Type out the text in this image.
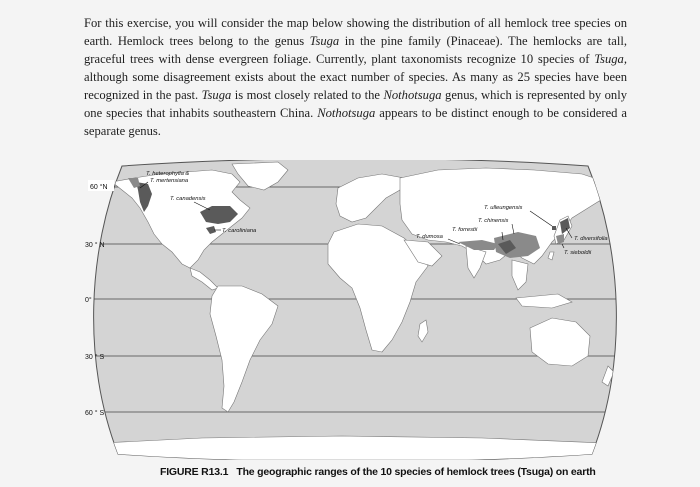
For this exercise, you will consider the map below showing the distribution of all hemlock tree species on earth. Hemlock trees belong to the genus Tsuga in the pine family (Pinaceae). The hemlocks are tall, graceful trees with dense evergreen foliage. Currently, plant taxonomists recognize 10 species of Tsuga, although some disagreement exists about the exact number of species. As many as 25 species have been recognized in the past. Tsuga is most closely related to the Nothotsuga genus, which is represented by only one species that inhabits southeastern China. Nothotsuga appears to be distinct enough to be considered a separate genus.

60 °N
30 ° N
0°
30 ° S
60 ° S
T. heterophylla &
T. mertensiana
T. canadensis
T. caroliniana
T. ulleungensis
T. chinensis
T. forrestii
T. dumosa	T. diversifolia
T. sieboldii
FIGURE R13.1 The geographic ranges of the 10 species of hemlock trees (Tsuga) on earth
